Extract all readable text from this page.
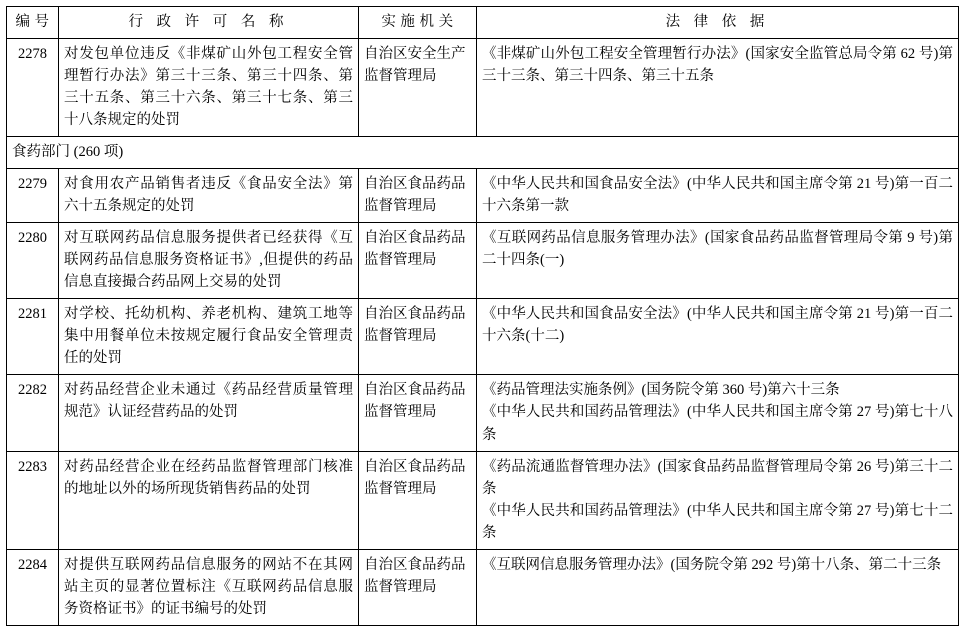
编 号	行 政 许 可 名 称	实 施 机 关	法 律 依 据
2278	对发包单位违反《非煤矿山外包工程安全管理暂行办法》第三十三条、第三十四条、第三十五条、第三十六条、第三十七条、第三十八条规定的处罚	自治区安全生产监督管理局	《非煤矿山外包工程安全管理暂行办法》(国家安全监管总局令第 62 号)第三十三条、第三十四条、第三十五条
食药部门 (260 项)			
2279	对食用农产品销售者违反《食品安全法》第六十五条规定的处罚	自治区食品药品监督管理局	《中华人民共和国食品安全法》(中华人民共和国主席令第 21 号)第一百二十六条第一款
2280	对互联网药品信息服务提供者已经获得《互联网药品信息服务资格证书》,但提供的药品信息直接撮合药品网上交易的处罚	自治区食品药品监督管理局	《互联网药品信息服务管理办法》(国家食品药品监督管理局令第 9 号)第二十四条(一)
2281	对学校、托幼机构、养老机构、建筑工地等集中用餐单位未按规定履行食品安全管理责任的处罚	自治区食品药品监督管理局	《中华人民共和国食品安全法》(中华人民共和国主席令第 21 号)第一百二十六条(十二)
2282	对药品经营企业未通过《药品经营质量管理规范》认证经营药品的处罚	自治区食品药品监督管理局	《药品管理法实施条例》(国务院令第 360 号)第六十三条
《中华人民共和国药品管理法》(中华人民共和国主席令第 27 号)第七十八条

2283	对药品经营企业在经药品监督管理部门核准的地址以外的场所现货销售药品的处罚	自治区食品药品监督管理局	《药品流通监督管理办法》(国家食品药品监督管理局令第 26 号)第三十二条
《中华人民共和国药品管理法》(中华人民共和国主席令第 27 号)第七十二条

2284	对提供互联网药品信息服务的网站不在其网站主页的显著位置标注《互联网药品信息服务资格证书》的证书编号的处罚	自治区食品药品监督管理局	《互联网信息服务管理办法》(国务院令第 292 号)第十八条、第二十三条
